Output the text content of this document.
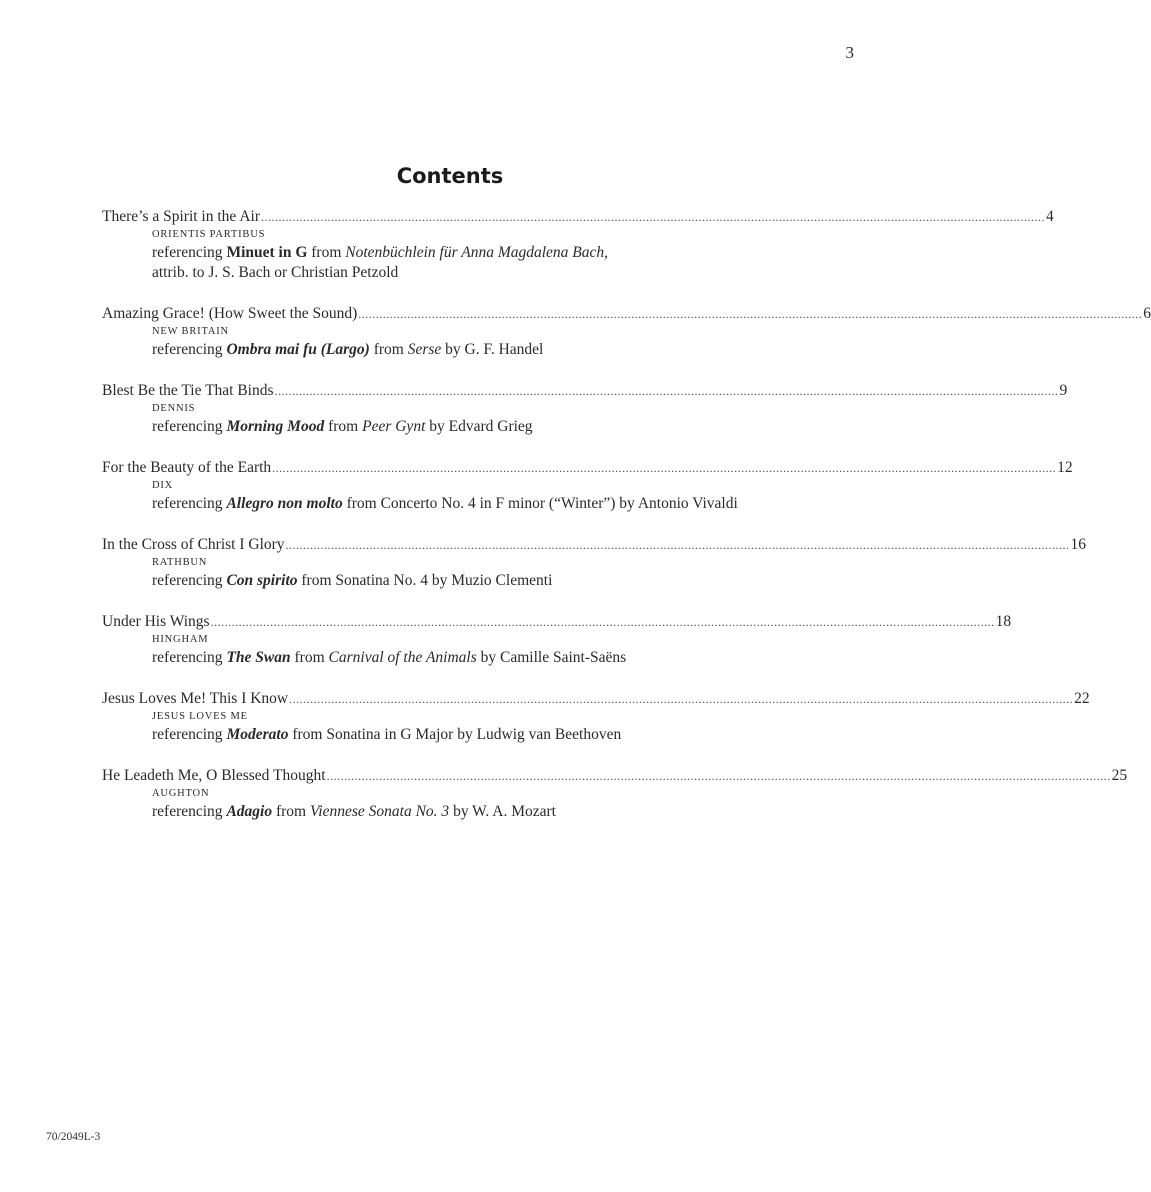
3
Contents
There’s a Spirit in the Air ................................................................................................................................................................................................................................ 4
ORIENTIS PARTIBUS
referencing Minuet in G from Notenbüchlein für Anna Magdalena Bach,
attrib. to J. S. Bach or Christian Petzold
Amazing Grace! (How Sweet the Sound) ................................................................................................................................................................................................................................ 6
NEW BRITAIN
referencing Ombra mai fu (Largo) from Serse by G. F. Handel
Blest Be the Tie That Binds ................................................................................................................................................................................................................................ 9
DENNIS
referencing Morning Mood from Peer Gynt by Edvard Grieg
For the Beauty of the Earth ................................................................................................................................................................................................................................ 12
DIX
referencing Allegro non molto from Concerto No. 4 in F minor (“Winter”) by Antonio Vivaldi
In the Cross of Christ I Glory ................................................................................................................................................................................................................................ 16
RATHBUN
referencing Con spirito from Sonatina No. 4 by Muzio Clementi
Under His Wings ................................................................................................................................................................................................................................ 18
HINGHAM
referencing The Swan from Carnival of the Animals by Camille Saint-Saëns
Jesus Loves Me! This I Know ................................................................................................................................................................................................................................ 22
JESUS LOVES ME
referencing Moderato from Sonatina in G Major by Ludwig van Beethoven
He Leadeth Me, O Blessed Thought ................................................................................................................................................................................................................................ 25
AUGHTON
referencing Adagio from Viennese Sonata No. 3 by W. A. Mozart
70/2049L-3
